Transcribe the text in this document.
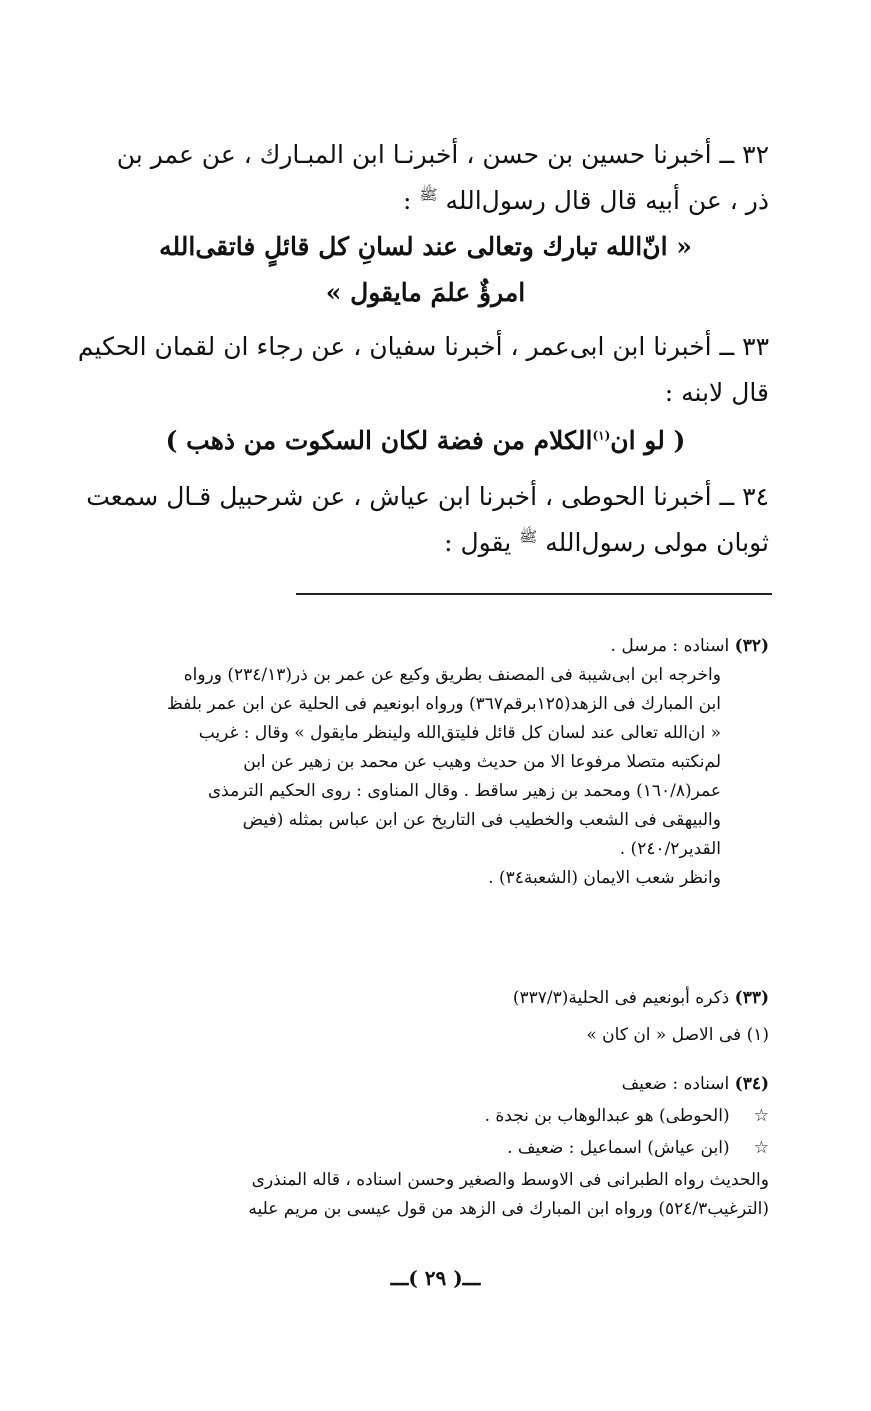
٣٢ ــ أخبرنا حسين بن حسن ، أخبرنـا ابن المبـارك ، عن عمر بن
ذر ، عن أبيه قال قال رسول‌الله $^ﷺ$ :
« انّ‌الله تبارك وتعالى عند لسانِ كل قائلٍ فاتقى‌الله
امرؤٌ علمَ مايقول »
٣٣ ــ أخبرنا ابن ابى‌عمر ، أخبرنا سفيان ، عن رجاء ان لقمان الحكيم
قال لابنه :
( لو ان$^{(١)}$الكلام من فضة لكان السكوت من ذهب )
٣٤ ــ أخبرنا الحوطى ، أخبرنا ابن عياش ، عن شرحبيل قـال سمعت
ثوبان مولى رسول‌الله $^ﷺ$ يقول :
(٣٢) اسناده : مرسل .
واخرجه ابن ابى‌شيبة فى المصنف بطريق وكيع عن عمر بن ذر(٢٣٤/١٣) ورواه
ابن المبارك فى الزهد(١٢٥برقم٣٦٧) ورواه ابونعيم فى الحلية عن ابن عمر بلفظ
« ان‌الله تعالى عند لسان كل قائل فليتق‌الله ولينظر مايقول » وقال : غريب
لم‌نكتبه متصلا مرفوعا الا من حديث وهيب عن محمد بن زهير عن ابن
عمر(١٦٠/٨) ومحمد بن زهير ساقط . وقال المناوى : روى الحكيم الترمذى
والبيهقى فى الشعب والخطيب فى التاريخ عن ابن عباس بمثله (فيض
القدير٢٤٠/٢) .
وانظر شعب الايمان (الشعبة٣٤) .
(٣٣) ذكره أبونعيم فى الحلية(٣٣٧/٣)
(١) فى الاصل « ان كان »
(٣٤) اسناده : ضعيف
☆ (الحوطى) هو عبدالوهاب بن نجدة .
☆ (ابن عياش) اسماعيل : ضعيف .
والحديث رواه الطبرانى فى الاوسط والصغير وحسن اسناده ، قاله المنذرى
(الترغيب٥٢٤/٣) ورواه ابن المبارك فى الزهد من قول عيسى بن مريم عليه
ـــ( ٢٩ )ـــ
